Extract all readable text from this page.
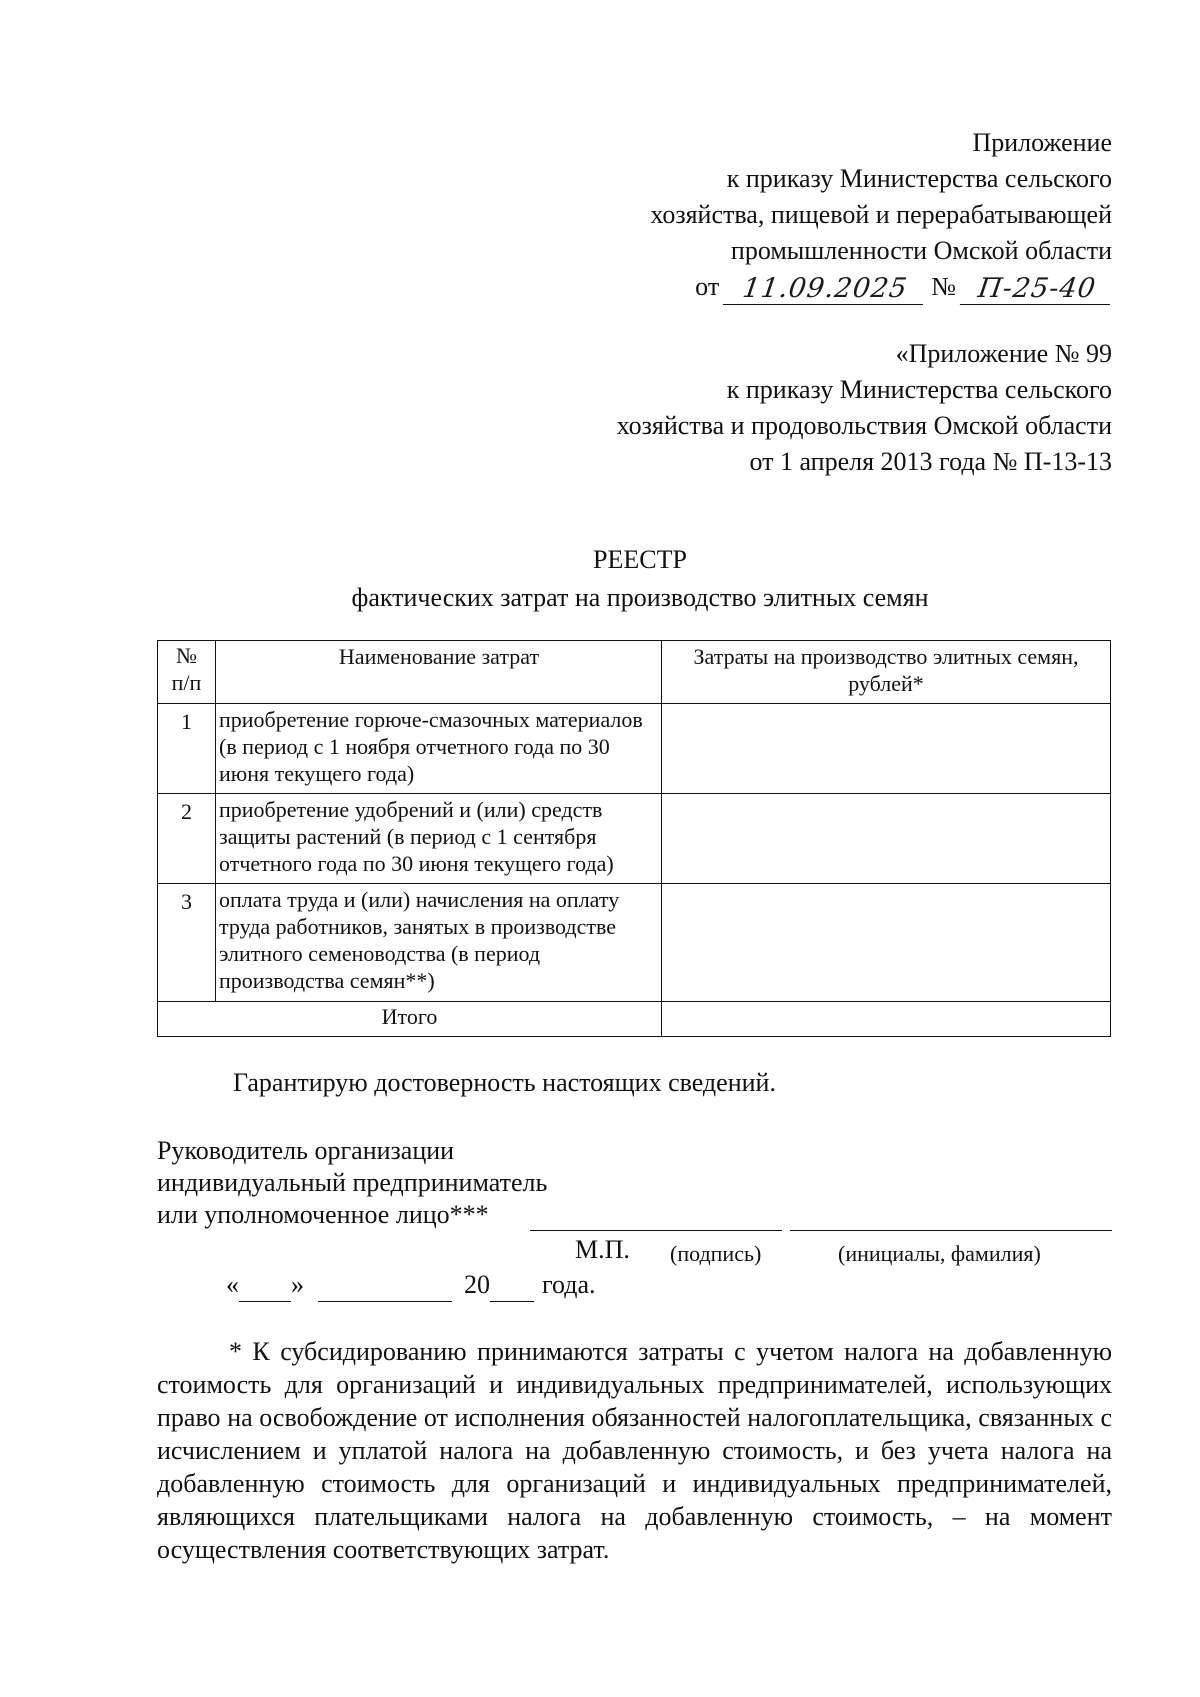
Приложение
к приказу Министерства сельского
хозяйства, пищевой и перерабатывающей
промышленности Омской области
от 11.09.2025 № П-25-40
«Приложение № 99
к приказу Министерства сельского
хозяйства и продовольствия Омской области
от 1 апреля 2013 года № П-13-13
РЕЕСТР
фактических затрат на производство элитных семян
№
п/п	Наименование затрат	Затраты на производство элитных семян, рублей*
1	приобретение горюче-смазочных материалов (в период с 1 ноября отчетного года по 30 июня текущего года)	
2	приобретение удобрений и (или) средств защиты растений (в период с 1 сентября отчетного года по 30 июня текущего года)	
3	оплата труда и (или) начисления на оплату труда работников, занятых в производстве элитного семеноводства (в период производства семян**)	
Итого		
Гарантирую достоверность настоящих сведений.
Руководитель организации
индивидуальный предприниматель
или уполномоченное лицо***
М.П. (подпись)	(инициалы, фамилия)
« »	20 года.
* К субсидированию принимаются затраты с учетом налога на добавленную стоимость для организаций и индивидуальных предпринимателей, использующих право на освобождение от исполнения обязанностей налогоплательщика, связанных с исчислением и уплатой налога на добавленную стоимость, и без учета налога на добавленную стоимость для организаций и индивидуальных предпринимателей, являющихся плательщиками налога на добавленную стоимость, – на момент осуществления соответствующих затрат.
